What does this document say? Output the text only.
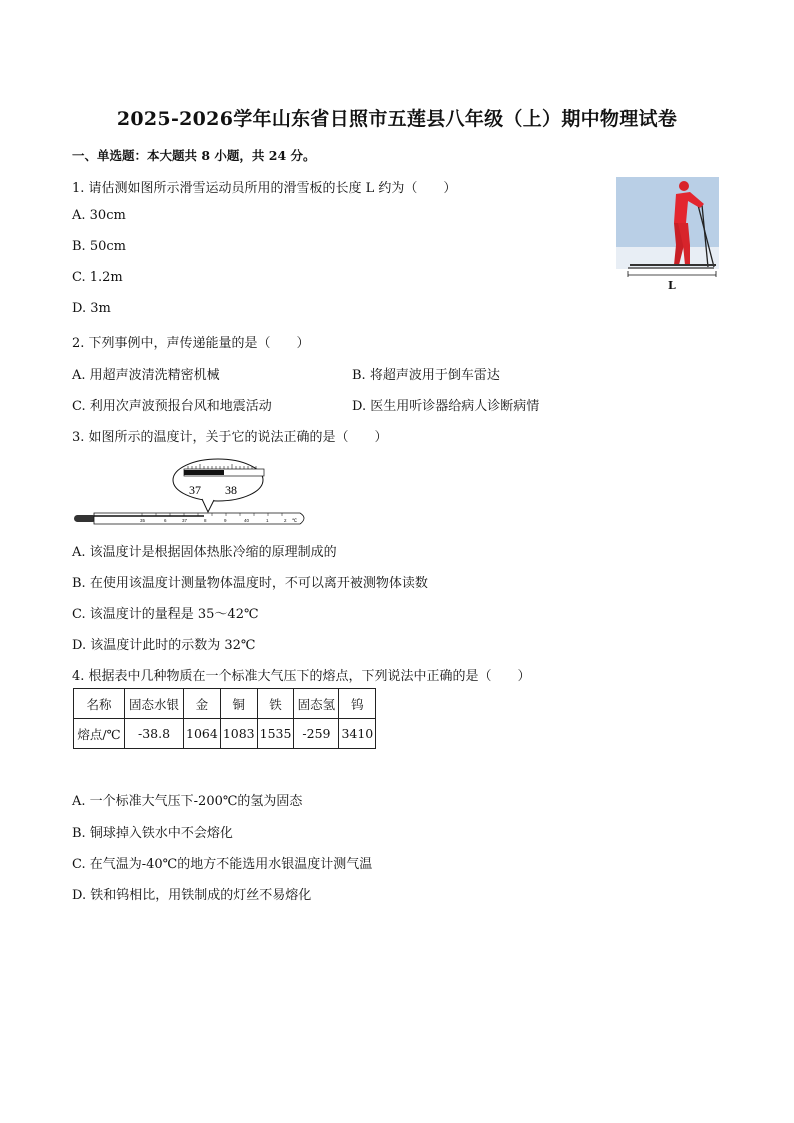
2025-2026学年山东省日照市五莲县八年级（上）期中物理试卷
一、单选题：本大题共 8 小题，共 24 分。
1. 请估测如图所示滑雪运动员所用的滑雪板的长度 L 约为（　　）
A. 30cm
B. 50cm
C. 1.2m
D. 3m
L
2. 下列事例中，声传递能量的是（　　）
A. 用超声波清洗精密机械	B. 将超声波用于倒车雷达
C. 利用次声波预报台风和地震活动	D. 医生用听诊器给病人诊断病情
3. 如图所示的温度计，关于它的说法正确的是（　　）
37 38
35	6	37	8	9	40	1	2 ℃
A. 该温度计是根据固体热胀冷缩的原理制成的
B. 在使用该温度计测量物体温度时，不可以离开被测物体读数
C. 该温度计的量程是 35～42℃
D. 该温度计此时的示数为 32℃
4. 根据表中几种物质在一个标准大气压下的熔点，下列说法中正确的是（　　）
名称	固态水银	金	铜	铁	固态氢	钨
熔点/℃	-38.8	1064	1083	1535	-259	3410
A. 一个标准大气压下-200℃的氢为固态
B. 铜球掉入铁水中不会熔化
C. 在气温为-40℃的地方不能选用水银温度计测气温
D. 铁和钨相比，用铁制成的灯丝不易熔化
